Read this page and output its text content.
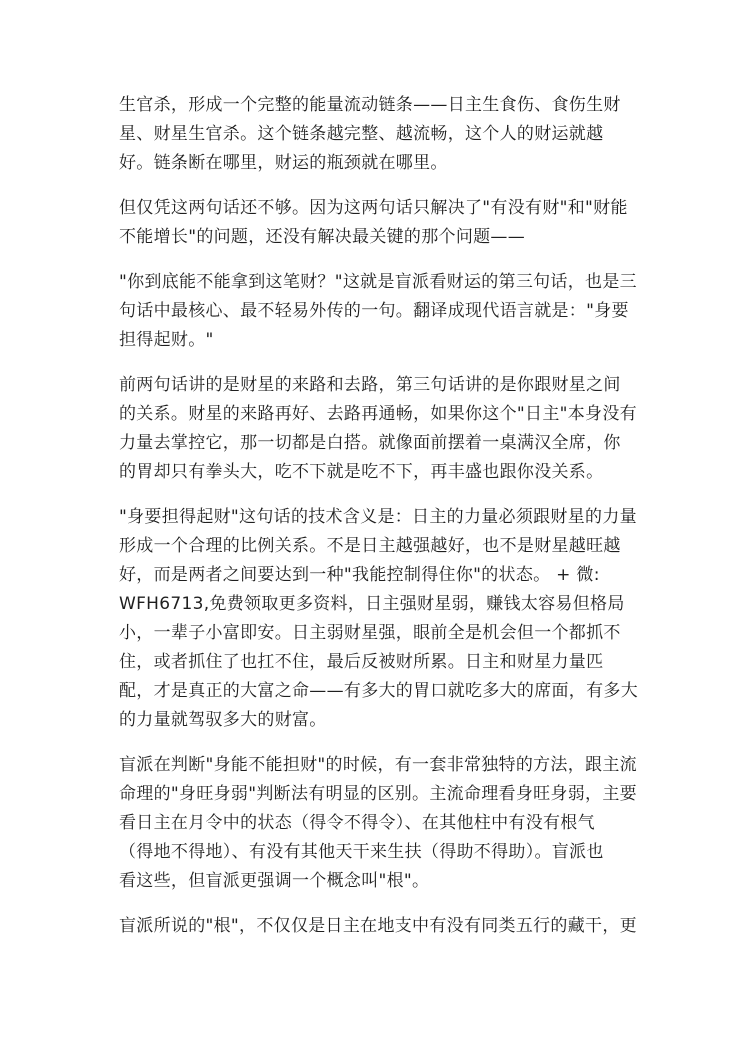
生官杀，形成一个完整的能量流动链条——日主生食伤、食伤生财
星、财星生官杀。这个链条越完整、越流畅，这个人的财运就越
好。链条断在哪里，财运的瓶颈就在哪里。
但仅凭这两句话还不够。因为这两句话只解决了"有没有财"和"财能
不能增长"的问题，还没有解决最关键的那个问题——
"你到底能不能拿到这笔财？"这就是盲派看财运的第三句话，也是三
句话中最核心、最不轻易外传的一句。翻译成现代语言就是："身要
担得起财。"
前两句话讲的是财星的来路和去路，第三句话讲的是你跟财星之间
的关系。财星的来路再好、去路再通畅，如果你这个"日主"本身没有
力量去掌控它，那一切都是白搭。就像面前摆着一桌满汉全席，你
的胃却只有拳头大，吃不下就是吃不下，再丰盛也跟你没关系。
"身要担得起财"这句话的技术含义是：日主的力量必须跟财星的力量
形成一个合理的比例关系。不是日主越强越好，也不是财星越旺越
好，而是两者之间要达到一种"我能控制得住你"的状态。 + 微:
WFH6713,免费领取更多资料，日主强财星弱，赚钱太容易但格局
小，一辈子小富即安。日主弱财星强，眼前全是机会但一个都抓不
住，或者抓住了也扛不住，最后反被财所累。日主和财星力量匹
配，才是真正的大富之命——有多大的胃口就吃多大的席面，有多大
的力量就驾驭多大的财富。
盲派在判断"身能不能担财"的时候，有一套非常独特的方法，跟主流
命理的"身旺身弱"判断法有明显的区别。主流命理看身旺身弱，主要
看日主在月令中的状态（得令不得令）、在其他柱中有没有根气
（得地不得地）、有没有其他天干来生扶（得助不得助）。盲派也
看这些，但盲派更强调一个概念叫"根"。
盲派所说的"根"，不仅仅是日主在地支中有没有同类五行的藏干，更
